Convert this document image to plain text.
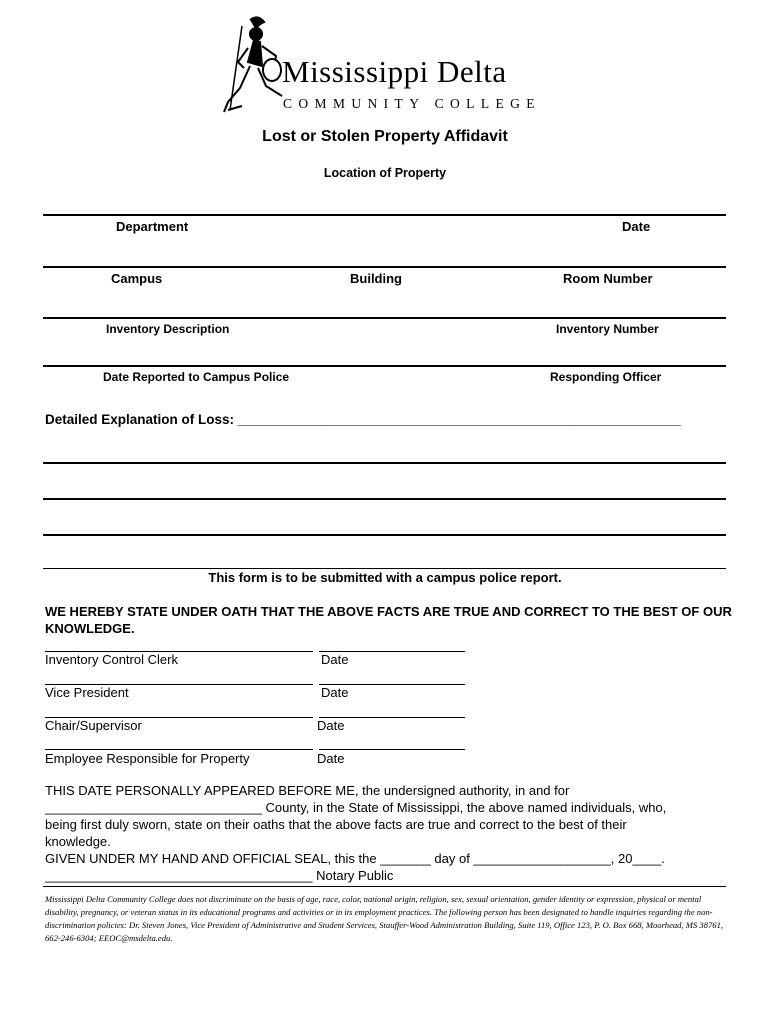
Mississippi Delta
COMMUNITY COLLEGE
Lost or Stolen Property Affidavit
Location of Property
Department	Date
Campus	Building	Room Number
Inventory Description	Inventory Number
Date Reported to Campus Police	Responding Officer
Detailed Explanation of Loss: ___________________________________________________________
This form is to be submitted with a campus police report.
WE HEREBY STATE UNDER OATH THAT THE ABOVE FACTS ARE TRUE AND CORRECT TO THE BEST OF OUR KNOWLEDGE.
Inventory Control Clerk	Date
Vice President	Date
Chair/Supervisor	Date
Employee Responsible for Property	Date
THIS DATE PERSONALLY APPEARED BEFORE ME, the undersigned authority, in and for
______________________________ County, in the State of Mississippi, the above named individuals, who,
being first duly sworn, state on their oaths that the above facts are true and correct to the best of their
knowledge.
GIVEN UNDER MY HAND AND OFFICIAL SEAL, this the _______ day of ___________________, 20____.
_____________________________________ Notary Public
Mississippi Delta Community College does not discriminate on the basis of age, race, color, national origin, religion, sex, sexual orientation, gender identity or expression, physical or mental disability, pregnancy, or veteran status in its educational programs and activities or in its employment practices. The following person has been designated to handle inquiries regarding the non-discrimination policies: Dr. Steven Jones, Vice President of Administrative and Student Services, Stauffer-Wood Administration Building, Suite 119, Office 123, P. O. Box 668, Moorhead, MS 38761, 662-246-6304; EEOC@msdelta.edu.
